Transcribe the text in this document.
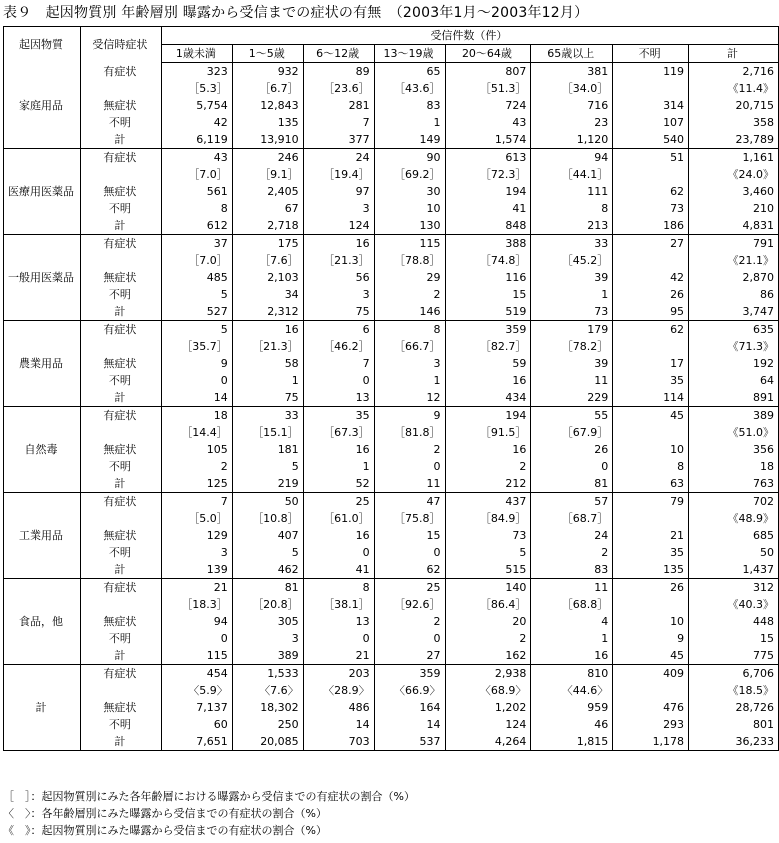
表９　起因物質別 年齢層別 曝露から受信までの症状の有無　（2003年1月～2003年12月）
起因物質	受信時症状	受信件数（件）							
		1歳未満	1～5歳	6～12歳	13～19歳	20～64歳	65歳以上	不明	計
家庭用品	有症状	323	932	89	65	807	381	119	2,716
		［5.3］	［6.7］	［23.6］	［43.6］	［51.3］	［34.0］		《11.4》
	無症状	5,754	12,843	281	83	724	716	314	20,715
	不明	42	135	7	1	43	23	107	358
	計	6,119	13,910	377	149	1,574	1,120	540	23,789
医療用医薬品	有症状	43	246	24	90	613	94	51	1,161
		［7.0］	［9.1］	［19.4］	［69.2］	［72.3］	［44.1］		《24.0》
	無症状	561	2,405	97	30	194	111	62	3,460
	不明	8	67	3	10	41	8	73	210
	計	612	2,718	124	130	848	213	186	4,831
一般用医薬品	有症状	37	175	16	115	388	33	27	791
		［7.0］	［7.6］	［21.3］	［78.8］	［74.8］	［45.2］		《21.1》
	無症状	485	2,103	56	29	116	39	42	2,870
	不明	5	34	3	2	15	1	26	86
	計	527	2,312	75	146	519	73	95	3,747
農業用品	有症状	5	16	6	8	359	179	62	635
		［35.7］	［21.3］	［46.2］	［66.7］	［82.7］	［78.2］		《71.3》
	無症状	9	58	7	3	59	39	17	192
	不明	0	1	0	1	16	11	35	64
	計	14	75	13	12	434	229	114	891
自然毒	有症状	18	33	35	9	194	55	45	389
		［14.4］	［15.1］	［67.3］	［81.8］	［91.5］	［67.9］		《51.0》
	無症状	105	181	16	2	16	26	10	356
	不明	2	5	1	0	2	0	8	18
	計	125	219	52	11	212	81	63	763
工業用品	有症状	7	50	25	47	437	57	79	702
		［5.0］	［10.8］	［61.0］	［75.8］	［84.9］	［68.7］		《48.9》
	無症状	129	407	16	15	73	24	21	685
	不明	3	5	0	0	5	2	35	50
	計	139	462	41	62	515	83	135	1,437
食品，他	有症状	21	81	8	25	140	11	26	312
		［18.3］	［20.8］	［38.1］	［92.6］	［86.4］	［68.8］		《40.3》
	無症状	94	305	13	2	20	4	10	448
	不明	0	3	0	0	2	1	9	15
	計	115	389	21	27	162	16	45	775
計	有症状	454	1,533	203	359	2,938	810	409	6,706
		〈5.9〉	〈7.6〉	〈28.9〉	〈66.9〉	〈68.9〉	〈44.6〉		《18.5》
	無症状	7,137	18,302	486	164	1,202	959	476	28,726
	不明	60	250	14	14	124	46	293	801
	計	7,651	20,085	703	537	4,264	1,815	1,178	36,233
［　］：起因物質別にみた各年齢層における曝露から受信までの有症状の割合（%）
〈　〉：各年齢層別にみた曝露から受信までの有症状の割合（%）
《　》：起因物質別にみた曝露から受信までの有症状の割合（%）
